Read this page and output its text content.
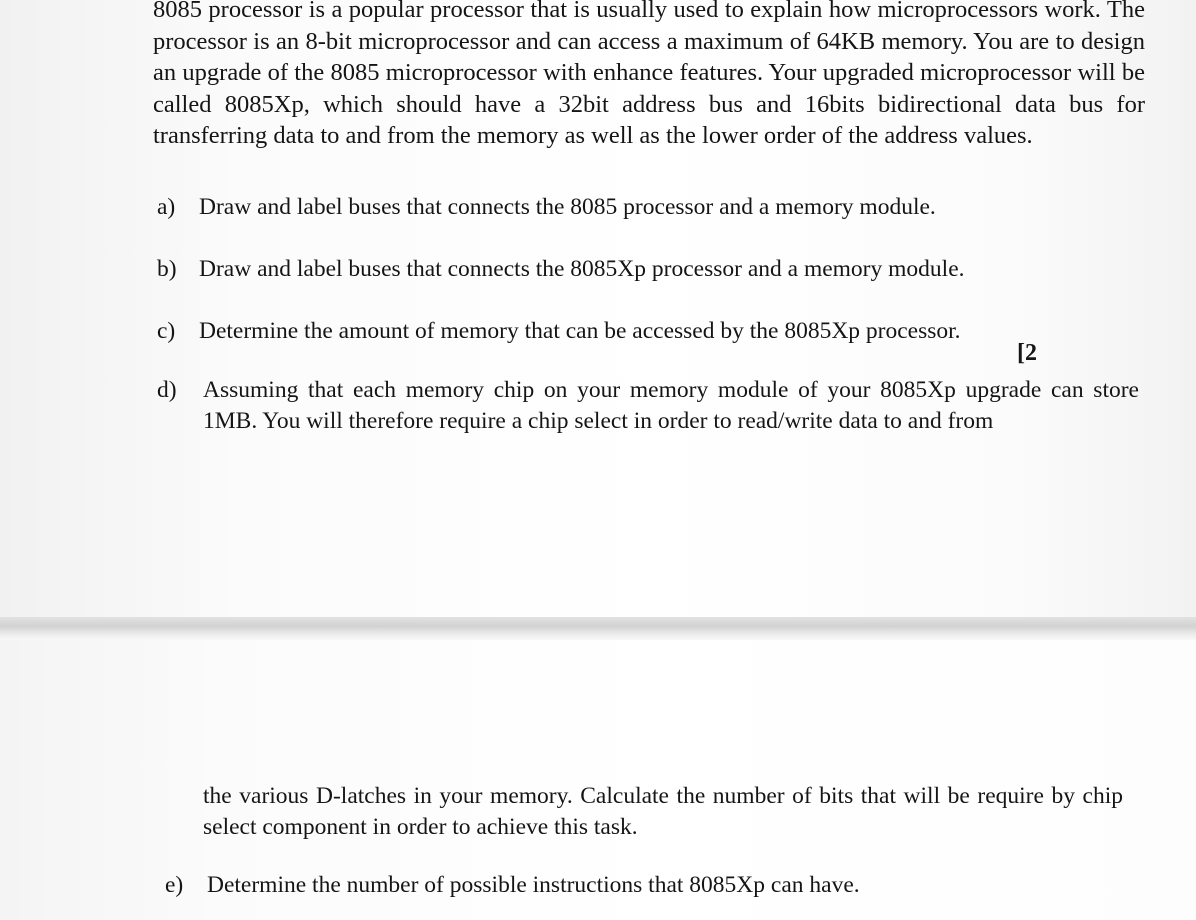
8085 processor is a popular processor that is usually used to explain how microprocessors work. The processor is an 8-bit microprocessor and can access a maximum of 64KB memory. You are to design an upgrade of the 8085 microprocessor with enhance features. Your upgraded microprocessor will be called 8085Xp, which should have a 32bit address bus and 16bits bidirectional data bus for transferring data to and from the memory as well as the lower order of the address values.

a) Draw and label buses that connects the 8085 processor and a memory module.

b) Draw and label buses that connects the 8085Xp processor and a memory module.

c) Determine the amount of memory that can be accessed by the 8085Xp processor.

[2
d)	Assuming that each memory chip on your memory module of your 8085Xp upgrade can store 1MB. You will therefore require a chip select in order to read/write data to and from

the various D-latches in your memory. Calculate the number of bits that will be require by chip select component in order to achieve this task.

e) Determine the number of possible instructions that 8085Xp can have.
